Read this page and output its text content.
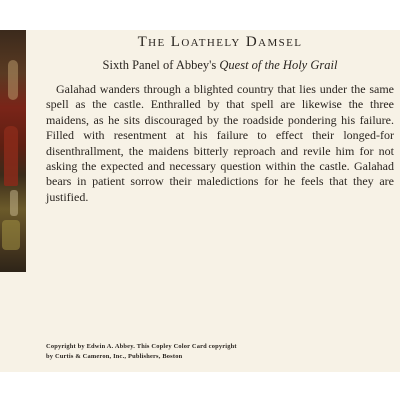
The Loathely Damsel
Sixth Panel of Abbey's Quest of the Holy Grail

Galahad wanders through a blighted country that lies under the same spell as the castle. Enthralled by that spell are likewise the three maidens, as he sits discouraged by the roadside pondering his failure. Filled with resentment at his failure to effect their longed-for disenthrallment, the maidens bitterly reproach and revile him for not asking the expected and necessary question within the castle. Galahad bears in patient sorrow their maledictions for he feels that they are justified.

Copyright by Edwin A. Abbey. This Copley Color Card copyright
by Curtis & Cameron, Inc., Publishers, Boston
